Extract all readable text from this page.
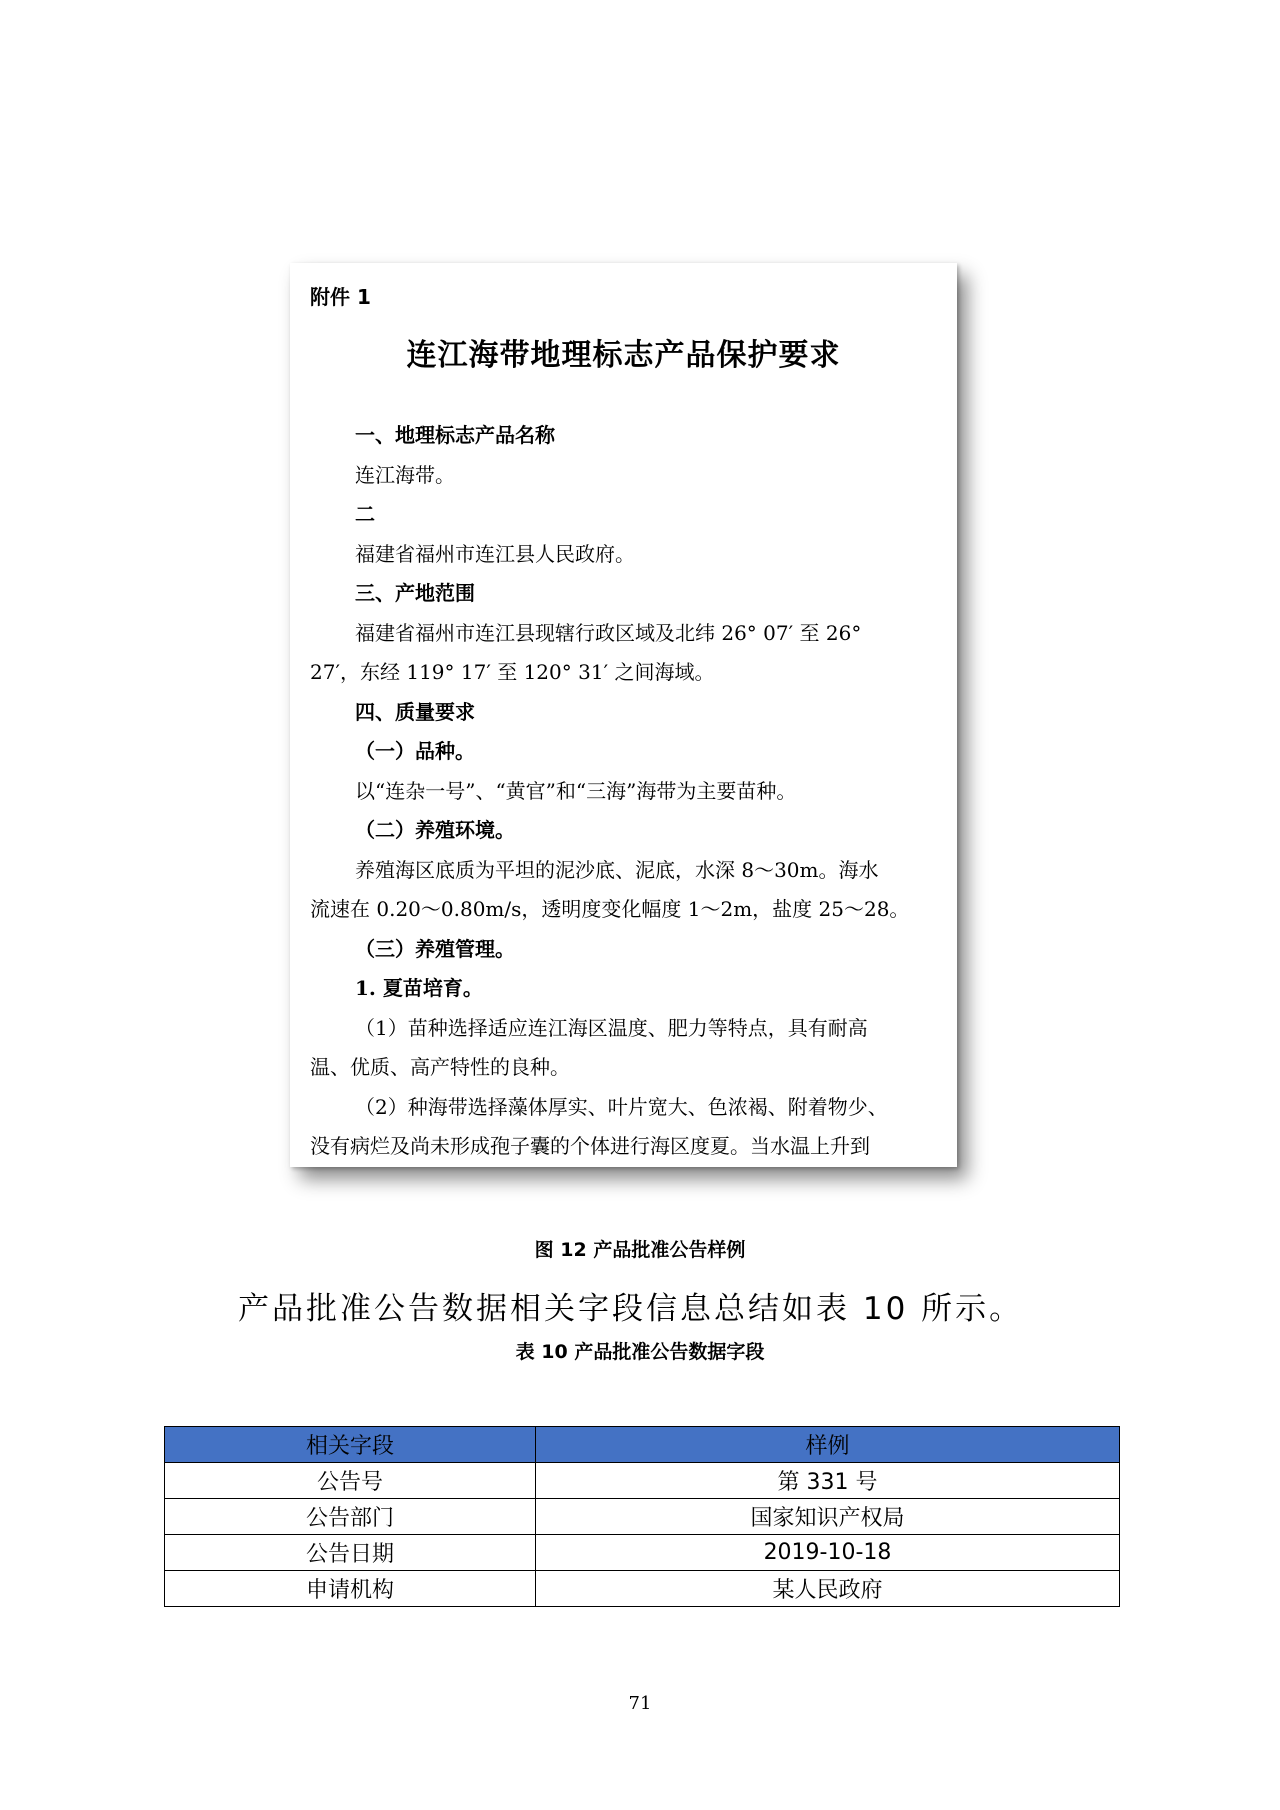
附件 1
连江海带地理标志产品保护要求
一、地理标志产品名称
连江海带。
二
福建省福州市连江县人民政府。
三、产地范围
福建省福州市连江县现辖行政区域及北纬 26° 07′ 至 26°
27′，东经 119° 17′ 至 120° 31′ 之间海域。
四、质量要求
（一）品种。
以“连杂一号”、“黄官”和“三海”海带为主要苗种。
（二）养殖环境。
养殖海区底质为平坦的泥沙底、泥底，水深 8～30m。海水
流速在 0.20～0.80m/s，透明度变化幅度 1～2m，盐度 25～28。
（三）养殖管理。
1. 夏苗培育。
（1）苗种选择适应连江海区温度、肥力等特点，具有耐高
温、优质、高产特性的良种。
（2）种海带选择藻体厚实、叶片宽大、色浓褐、附着物少、
没有病烂及尚未形成孢子囊的个体进行海区度夏。当水温上升到
图 12 产品批准公告样例
产品批准公告数据相关字段信息总结如表 10 所示。
表 10 产品批准公告数据字段
相关字段	样例
公告号	第 331 号
公告部门	国家知识产权局
公告日期	2019-10-18
申请机构	某人民政府
71
